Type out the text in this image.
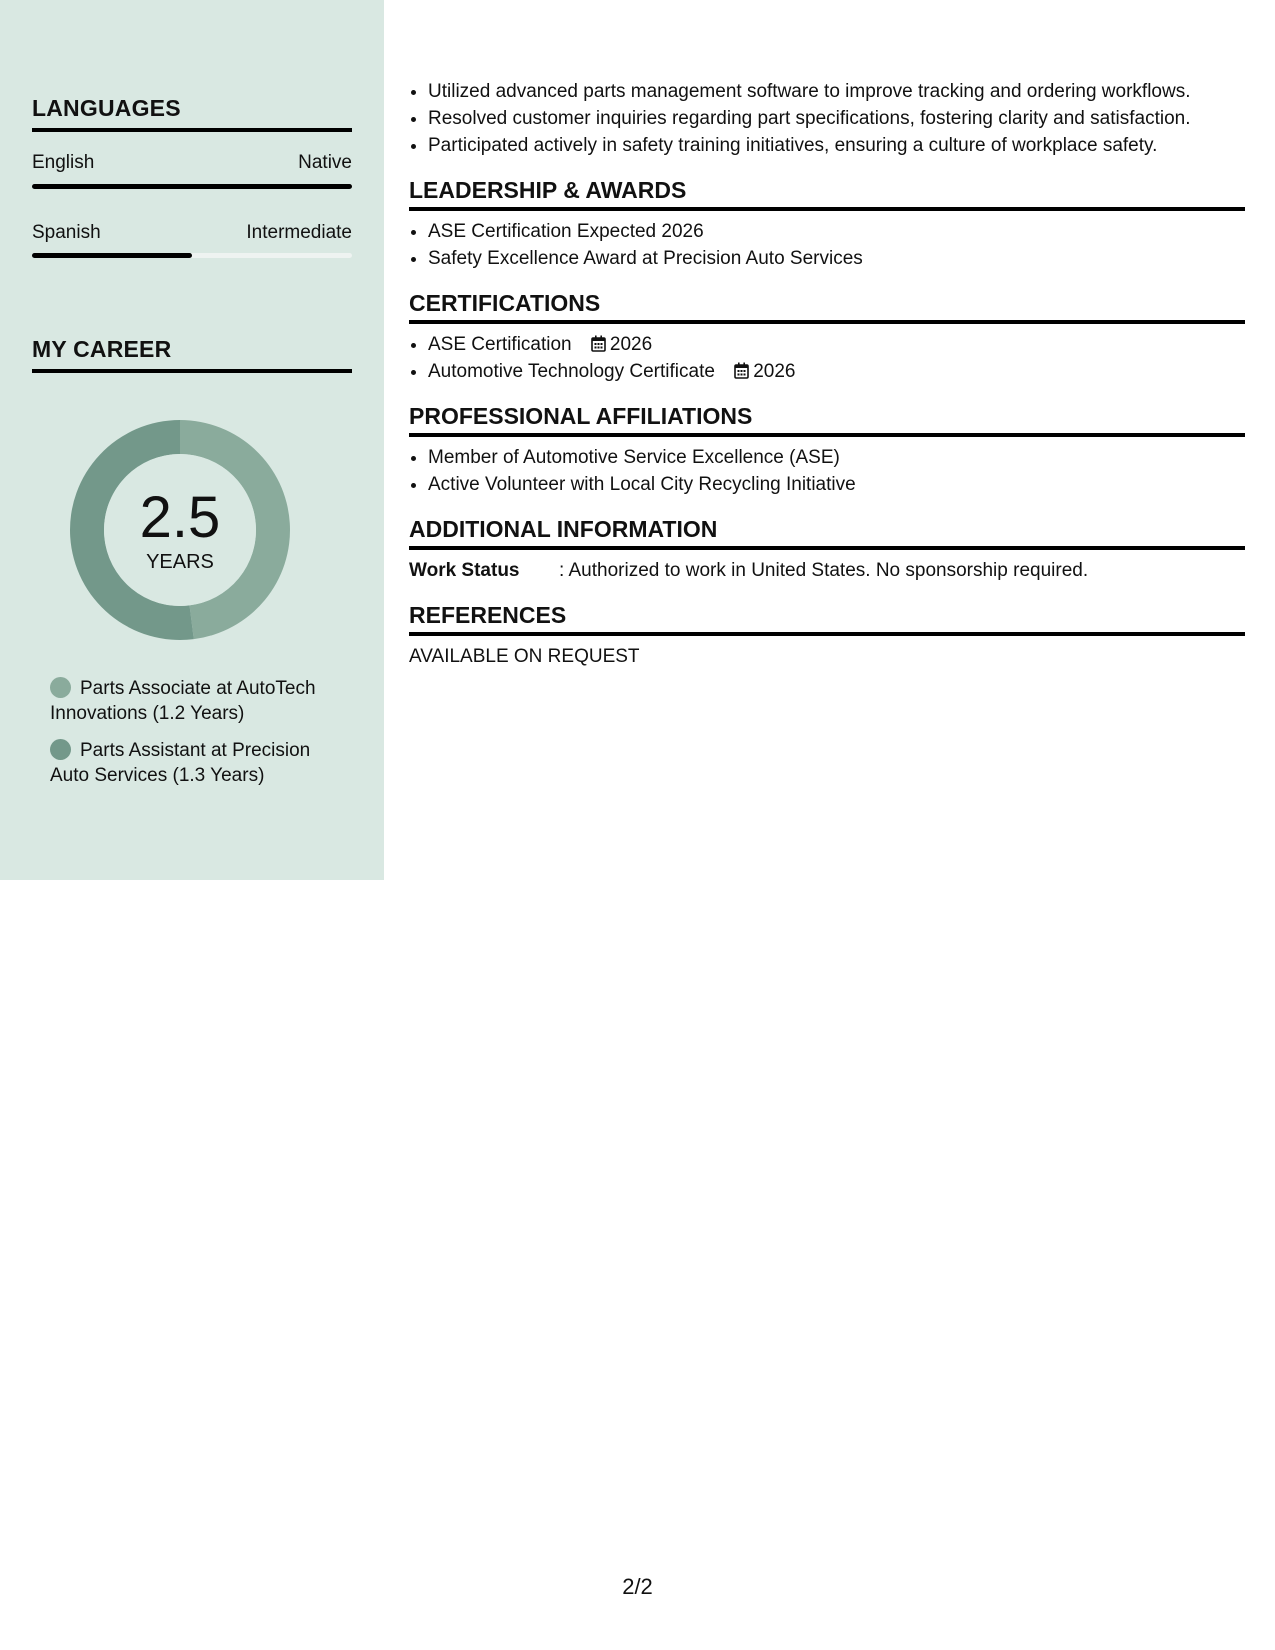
LANGUAGES
English	Native
Spanish	Intermediate
MY CAREER
2.5
YEARS
Parts Associate at AutoTech Innovations (1.2 Years)
Parts Assistant at Precision Auto Services (1.3 Years)
• Utilized advanced parts management software to improve tracking and ordering workflows.
• Resolved customer inquiries regarding part specifications, fostering clarity and satisfaction.
• Participated actively in safety training initiatives, ensuring a culture of workplace safety.
LEADERSHIP & AWARDS
• ASE Certification Expected 2026
• Safety Excellence Award at Precision Auto Services
CERTIFICATIONS
• ASE Certification 2026
• Automotive Technology Certificate 2026
PROFESSIONAL AFFILIATIONS
• Member of Automotive Service Excellence (ASE)
• Active Volunteer with Local City Recycling Initiative
ADDITIONAL INFORMATION
Work Status : Authorized to work in United States. No sponsorship required.
REFERENCES
AVAILABLE ON REQUEST
2/2
